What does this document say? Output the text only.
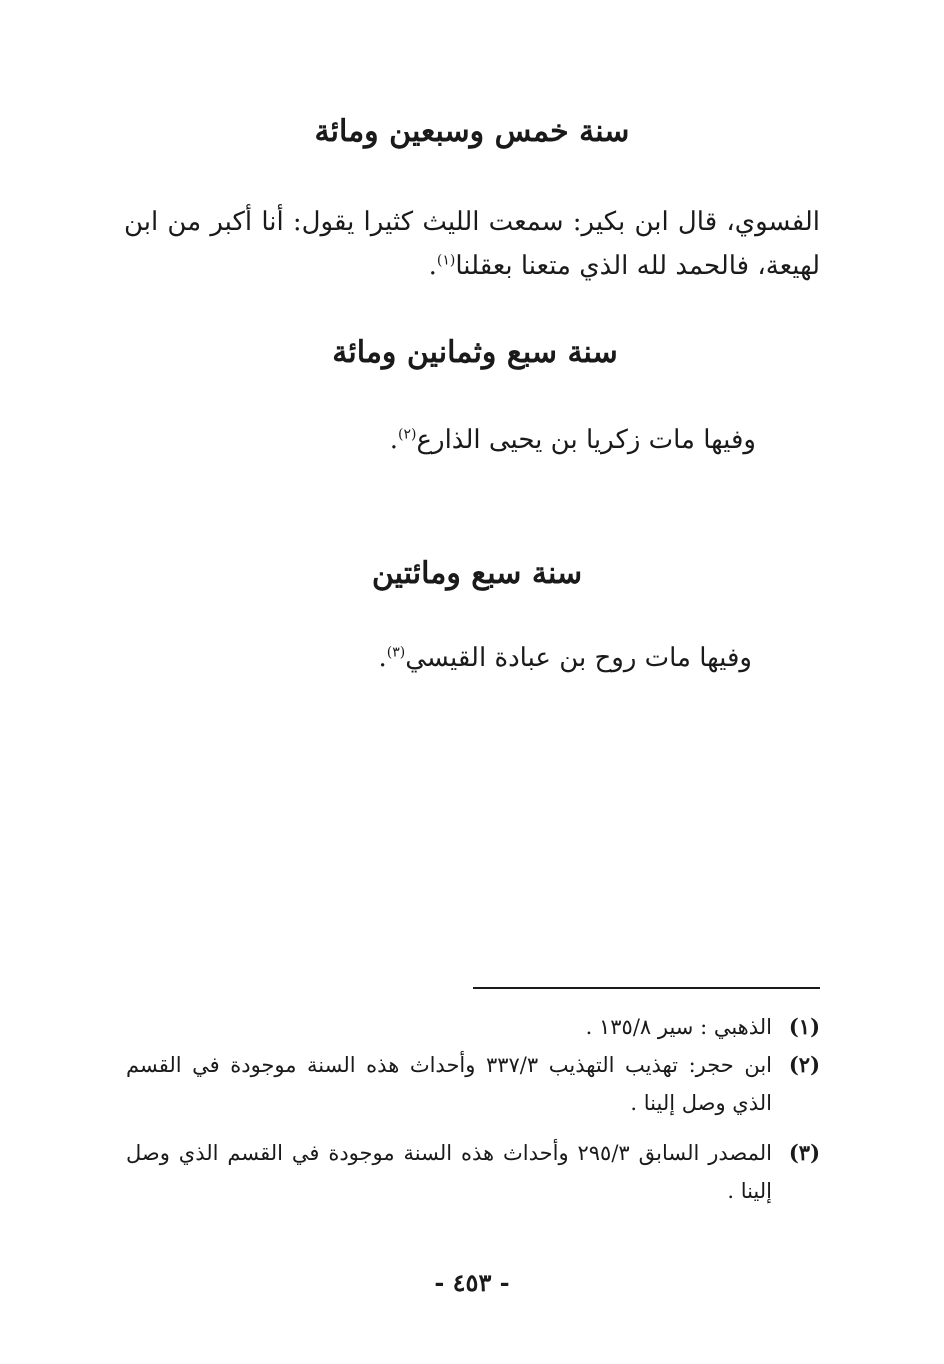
سنة خمس وسبعين ومائة

الفسوي، قال ابن بكير: سمعت الليث كثيرا يقول: أنا أكبر من ابن لهيعة، فالحمد لله الذي متعنا بعقلنا$^{(١)}$.

سنة سبع وثمانين ومائة

وفيها مات زكريا بن يحيى الذارع$^{(٢)}$.

سنة سبع ومائتين

وفيها مات روح بن عبادة القيسي$^{(٣)}$.

(١)
الذهبي : سير ١٣٥/٨ .
(٢)
ابن حجر: تهذيب التهذيب ٣٣٧/٣ وأحداث هذه السنة موجودة في القسم الذي وصل إلينا .
(٣)
المصدر السابق ٢٩٥/٣ وأحداث هذه السنة موجودة في القسم الذي وصل إلينا .

- ٤٥٣ -
